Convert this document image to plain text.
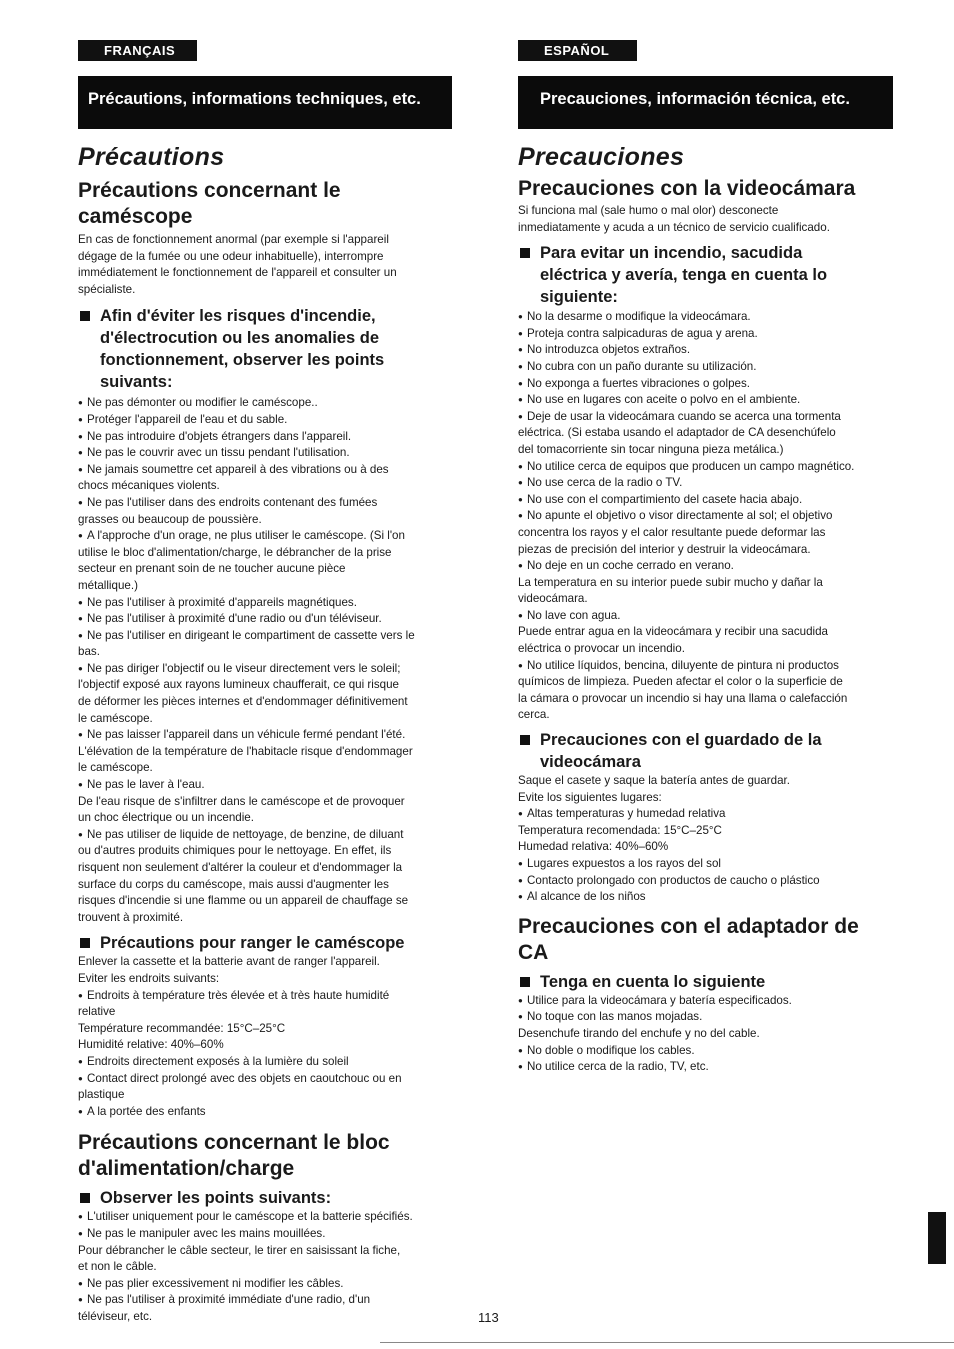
FRANÇAIS	ESPAÑOL
Précautions, informations techniques, etc.	Precauciones, información técnica, etc.
Précautions
Précautions concernant le
caméscope
En cas de fonctionnement anormal (par exemple si l'appareil
dégage de la fumée ou une odeur inhabituelle), interrompre
immédiatement le fonctionnement de l'appareil et consulter un
spécialiste.
Afin d'éviter les risques d'incendie,
d'électrocution ou les anomalies de
fonctionnement, observer les points
suivants:
● Ne pas démonter ou modifier le caméscope..
● Protéger l'appareil de l'eau et du sable.
● Ne pas introduire d'objets étrangers dans l'appareil.
● Ne pas le couvrir avec un tissu pendant l'utilisation.
● Ne jamais soumettre cet appareil à des vibrations ou à des
chocs mécaniques violents.
● Ne pas l'utiliser dans des endroits contenant des fumées
grasses ou beaucoup de poussière.
● A l'approche d'un orage, ne plus utiliser le caméscope. (Si l'on
utilise le bloc d'alimentation/charge, le débrancher de la prise
secteur en prenant soin de ne toucher aucune pièce
métallique.)
● Ne pas l'utiliser à proximité d'appareils magnétiques.
● Ne pas l'utiliser à proximité d'une radio ou d'un téléviseur.
● Ne pas l'utiliser en dirigeant le compartiment de cassette vers le
bas.
● Ne pas diriger l'objectif ou le viseur directement vers le soleil;
l'objectif exposé aux rayons lumineux chaufferait, ce qui risque
de déformer les pièces internes et d'endommager définitivement
le caméscope.
● Ne pas laisser l'appareil dans un véhicule fermé pendant l'été.
L'élévation de la température de l'habitacle risque d'endommager
le caméscope.
● Ne pas le laver à l'eau.
De l'eau risque de s'infiltrer dans le caméscope et de provoquer
un choc électrique ou un incendie.
● Ne pas utiliser de liquide de nettoyage, de benzine, de diluant
ou d'autres produits chimiques pour le nettoyage. En effet, ils
risquent non seulement d'altérer la couleur et d'endommager la
surface du corps du caméscope, mais aussi d'augmenter les
risques d'incendie si une flamme ou un appareil de chauffage se
trouvent à proximité.
Précautions pour ranger le caméscope
Enlever la cassette et la batterie avant de ranger l'appareil.
Eviter les endroits suivants:
● Endroits à température très élevée et à très haute humidité
relative
Température recommandée: 15°C–25°C
Humidité relative: 40%–60%
● Endroits directement exposés à la lumière du soleil
● Contact direct prolongé avec des objets en caoutchouc ou en
plastique
● A la portée des enfants
Précautions concernant le bloc
d'alimentation/charge
Observer les points suivants:
● L'utiliser uniquement pour le caméscope et la batterie spécifiés.
● Ne pas le manipuler avec les mains mouillées.
Pour débrancher le câble secteur, le tirer en saisissant la fiche,
et non le câble.
● Ne pas plier excessivement ni modifier les câbles.
● Ne pas l'utiliser à proximité immédiate d'une radio, d'un
téléviseur, etc.
Precauciones
Precauciones con la videocámara
Si funciona mal (sale humo o mal olor) desconecte
inmediatamente y acuda a un técnico de servicio cualificado.
Para evitar un incendio, sacudida
eléctrica y avería, tenga en cuenta lo
siguiente:
● No la desarme o modifique la videocámara.
● Proteja contra salpicaduras de agua y arena.
● No introduzca objetos extraños.
● No cubra con un paño durante su utilización.
● No exponga a fuertes vibraciones o golpes.
● No use en lugares con aceite o polvo en el ambiente.
● Deje de usar la videocámara cuando se acerca una tormenta
eléctrica. (Si estaba usando el adaptador de CA desenchúfelo
del tomacorriente sin tocar ninguna pieza metálica.)
● No utilice cerca de equipos que producen un campo magnético.
● No use cerca de la radio o TV.
● No use con el compartimiento del casete hacia abajo.
● No apunte el objetivo o visor directamente al sol; el objetivo
concentra los rayos y el calor resultante puede deformar las
piezas de precisión del interior y destruir la videocámara.
● No deje en un coche cerrado en verano.
La temperatura en su interior puede subir mucho y dañar la
videocámara.
● No lave con agua.
Puede entrar agua en la videocámara y recibir una sacudida
eléctrica o provocar un incendio.
● No utilice líquidos, bencina, diluyente de pintura ni productos
químicos de limpieza. Pueden afectar el color o la superficie de
la cámara o provocar un incendio si hay una llama o calefacción
cerca.
Precauciones con el guardado de la
videocámara
Saque el casete y saque la batería antes de guardar.
Evite los siguientes lugares:
● Altas temperaturas y humedad relativa
Temperatura recomendada: 15°C–25°C
Humedad relativa: 40%–60%
● Lugares expuestos a los rayos del sol
● Contacto prolongado con productos de caucho o plástico
● Al alcance de los niños
Precauciones con el adaptador de
CA
Tenga en cuenta lo siguiente
● Utilice para la videocámara y batería especificados.
● No toque con las manos mojadas.
Desenchufe tirando del enchufe y no del cable.
● No doble o modifique los cables.
● No utilice cerca de la radio, TV, etc.
113
